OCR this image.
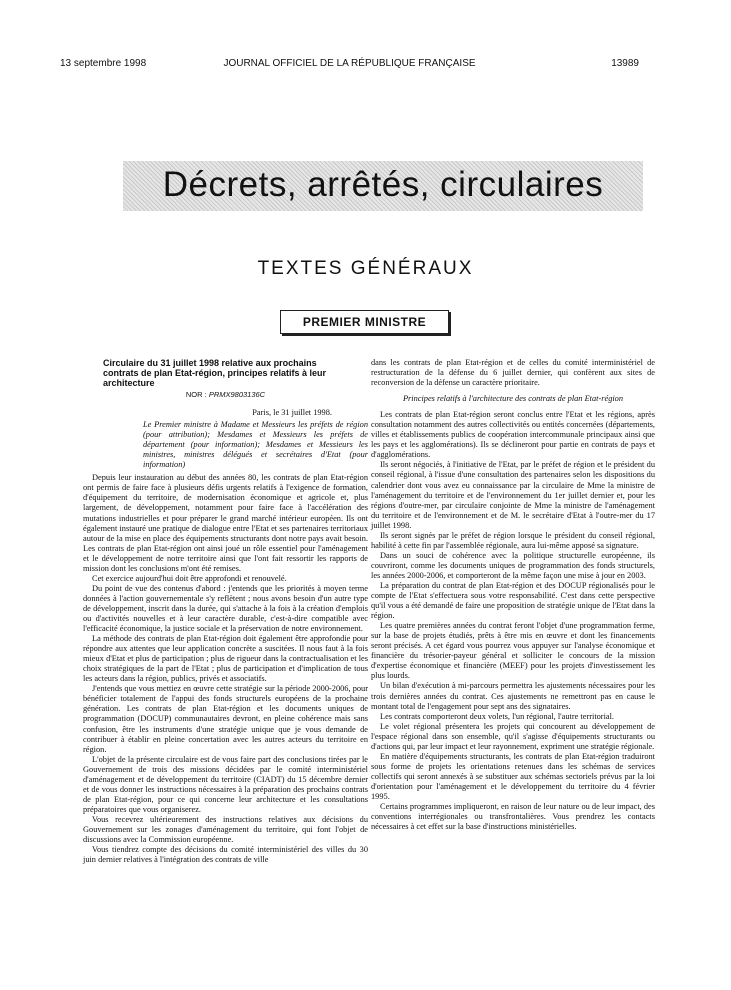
13 septembre 1998	JOURNAL OFFICIEL DE LA RÉPUBLIQUE FRANÇAISE	13989
Décrets, arrêtés, circulaires
TEXTES GÉNÉRAUX
PREMIER MINISTRE

Circulaire du 31 juillet 1998 relative aux prochains contrats de plan Etat-région, principes relatifs à leur architecture

NOR : PRMX9803136C

Paris, le 31 juillet 1998.

Le Premier ministre à Madame et Messieurs les préfets de région (pour attribution); Mesdames et Messieurs les préfets de département (pour information); Mesdames et Messieurs les ministres, ministres délégués et secrétaires d'Etat (pour information)

Depuis leur instauration au début des années 80, les contrats de plan Etat-région ont permis de faire face à plusieurs défis urgents relatifs à l'exigence de formation, d'équipement du territoire, de modernisation économique et agricole et, plus largement, de développement, notamment pour faire face à l'accélération des mutations industrielles et pour préparer le grand marché intérieur européen. Ils ont également instauré une pratique de dialogue entre l'Etat et ses partenaires territoriaux autour de la mise en place des équipements structurants dont notre pays avait besoin. Les contrats de plan Etat-région ont ainsi joué un rôle essentiel pour l'aménagement et le développement de notre territoire ainsi que l'ont fait ressortir les rapports de mission dont les conclusions m'ont été remises.

Cet exercice aujourd'hui doit être approfondi et renouvelé.

Du point de vue des contenus d'abord : j'entends que les priorités à moyen terme données à l'action gouvernementale s'y reflètent ; nous avons besoin d'un autre type de développement, inscrit dans la durée, qui s'attache à la fois à la création d'emplois ou d'activités nouvelles et à leur caractère durable, c'est-à-dire compatible avec l'efficacité économique, la justice sociale et la préservation de notre environnement.

La méthode des contrats de plan Etat-région doit également être approfondie pour répondre aux attentes que leur application concrète a suscitées. Il nous faut à la fois mieux d'Etat et plus de participation ; plus de rigueur dans la contractualisation et les choix stratégiques de la part de l'Etat ; plus de participation et d'implication de tous les acteurs dans la région, publics, privés et associatifs.

J'entends que vous mettiez en œuvre cette stratégie sur la période 2000-2006, pour bénéficier totalement de l'appui des fonds structurels européens de la prochaine génération. Les contrats de plan Etat-région et les documents uniques de programmation (DOCUP) communautaires devront, en pleine cohérence mais sans confusion, être les instruments d'une stratégie unique que je vous demande de contribuer à établir en pleine concertation avec les autres acteurs du territoire en région.

L'objet de la présente circulaire est de vous faire part des conclusions tirées par le Gouvernement de trois des missions décidées par le comité interministériel d'aménagement et de développement du territoire (CIADT) du 15 décembre dernier et de vous donner les instructions nécessaires à la préparation des prochains contrats de plan Etat-région, pour ce qui concerne leur architecture et les consultations préparatoires que vous organiserez.

Vous recevrez ultérieurement des instructions relatives aux décisions du Gouvernement sur les zonages d'aménagement du territoire, qui font l'objet de discussions avec la Commission européenne.

Vous tiendrez compte des décisions du comité interministériel des villes du 30 juin dernier relatives à l'intégration des contrats de ville

dans les contrats de plan Etat-région et de celles du comité interministériel de restructuration de la défense du 6 juillet dernier, qui confèrent aux sites de reconversion de la défense un caractère prioritaire.

Principes relatifs à l'architecture des contrats de plan Etat-région

Les contrats de plan Etat-région seront conclus entre l'Etat et les régions, après consultation notamment des autres collectivités ou entités concernées (départements, villes et établissements publics de coopération intercommunale principaux ainsi que les pays et les agglomérations). Ils se déclineront pour partie en contrats de pays et d'agglomérations.

Ils seront négociés, à l'initiative de l'Etat, par le préfet de région et le président du conseil régional, à l'issue d'une consultation des partenaires selon les dispositions du calendrier dont vous avez eu connaissance par la circulaire de Mme la ministre de l'aménagement du territoire et de l'environnement du 1er juillet dernier et, pour les régions d'outre-mer, par circulaire conjointe de Mme la ministre de l'aménagement du territoire et de l'environnement et de M. le secrétaire d'Etat à l'outre-mer du 17 juillet 1998.

Ils seront signés par le préfet de région lorsque le président du conseil régional, habilité à cette fin par l'assemblée régionale, aura lui-même apposé sa signature.

Dans un souci de cohérence avec la politique structurelle européenne, ils couvriront, comme les documents uniques de programmation des fonds structurels, les années 2000-2006, et comporteront de la même façon une mise à jour en 2003.

La préparation du contrat de plan Etat-région et des DOCUP régionalisés pour le compte de l'Etat s'effectuera sous votre responsabilité. C'est dans cette perspective qu'il vous a été demandé de faire une proposition de stratégie unique de l'Etat dans la région.

Les quatre premières années du contrat feront l'objet d'une programmation ferme, sur la base de projets étudiés, prêts à être mis en œuvre et dont les financements seront précisés. A cet égard vous pourrez vous appuyer sur l'analyse économique et financière du trésorier-payeur général et solliciter le concours de la mission d'expertise économique et financière (MEEF) pour les projets d'investissement les plus lourds.

Un bilan d'exécution à mi-parcours permettra les ajustements nécessaires pour les trois dernières années du contrat. Ces ajustements ne remettront pas en cause le montant total de l'engagement pour sept ans des signataires.

Les contrats comporteront deux volets, l'un régional, l'autre territorial.

Le volet régional présentera les projets qui concourent au développement de l'espace régional dans son ensemble, qu'il s'agisse d'équipements structurants ou d'actions qui, par leur impact et leur rayonnement, expriment une stratégie régionale.

En matière d'équipements structurants, les contrats de plan Etat-région traduiront sous forme de projets les orientations retenues dans les schémas de services collectifs qui seront annexés à se substituer aux schémas sectoriels prévus par la loi d'orientation pour l'aménagement et le développement du territoire du 4 février 1995.

Certains programmes impliqueront, en raison de leur nature ou de leur impact, des conventions interrégionales ou transfrontalières. Vous prendrez les contacts nécessaires à cet effet sur la base d'instructions ministérielles.
